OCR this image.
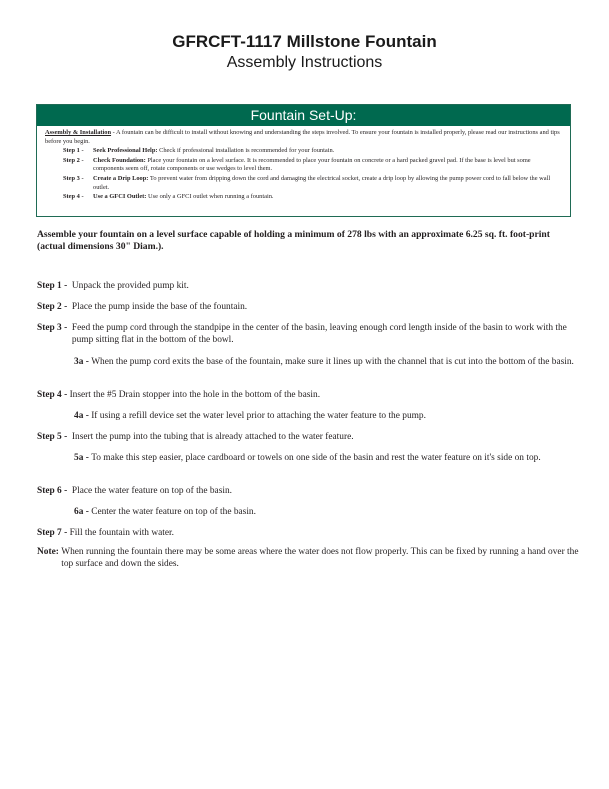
GFRCFT-1117 Millstone Fountain
Assembly Instructions
Fountain Set-Up:
Assembly & Installation - A fountain can be difficult to install without knowing and understanding the steps involved. To ensure your fountain is installed properly, please read our instructions and tips before you begin.
Step 1 -	Seek Professional Help: Check if professional installation is recommended for your fountain.
Step 2 -	Check Foundation: Place your fountain on a level surface. It is recommended to place your fountain on concrete or a hard packed gravel pad. If the base is level but some components seem off, rotate components or use wedges to level them.
Step 3 -	Create a Drip Loop: To prevent water from dripping down the cord and damaging the electrical socket, create a drip loop by allowing the pump power cord to fall below the wall outlet.
Step 4 -	Use a GFCI Outlet: Use only a GFCI outlet when running a fountain.
Assemble your fountain on a level surface capable of holding a minimum of 278 lbs with an approximate 6.25 sq. ft. foot-print (actual dimensions 30" Diam.).
Step 1 - Unpack the provided pump kit.
Step 2 - Place the pump inside the base of the fountain.
Step 3 - Feed the pump cord through the standpipe in the center of the basin, leaving enough cord length inside of the basin to work with the pump sitting flat in the bottom of the bowl.
3a - When the pump cord exits the base of the fountain, make sure it lines up with the channel that is cut into the bottom of the basin.
Step 4 - Insert the #5 Drain stopper into the hole in the bottom of the basin.
4a - If using a refill device set the water level prior to attaching the water feature to the pump.
Step 5 - Insert the pump into the tubing that is already attached to the water feature.
5a - To make this step easier, place cardboard or towels on one side of the basin and rest the water feature on it's side on top.
Step 6 - Place the water feature on top of the basin.
6a - Center the water feature on top of the basin.
Step 7 - Fill the fountain with water.
Note: When running the fountain there may be some areas where the water does not flow properly. This can be fixed by running a hand over the top surface and down the sides.
